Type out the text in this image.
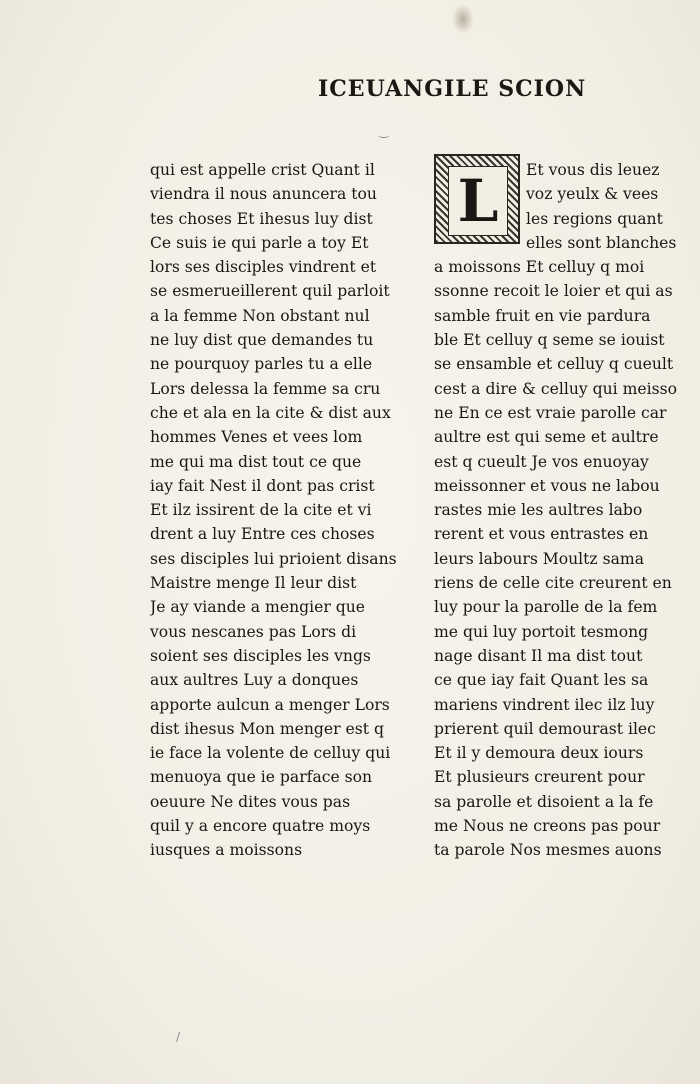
ICEUANGILE SCION
L
qui est appelle crist Quant il
viendra il nous anuncera tou
tes choses Et ihesus luy dist
Ce suis ie qui parle a toy Et
lors ses disciples vindrent et
se esmerueillerent quil parloit
a la femme Non obstant nul
ne luy dist que demandes tu
ne pourquoy parles tu a elle
Lors delessa la femme sa cru
che et ala en la cite & dist aux
hommes Venes et vees lom
me qui ma dist tout ce que
iay fait Nest il dont pas crist
Et ilz issirent de la cite et vi
drent a luy Entre ces choses
ses disciples lui prioient disans
Maistre menge Il leur dist
Je ay viande a mengier que
vous nescanes pas Lors di
soient ses disciples les vngs
aux aultres Luy a donques
apporte aulcun a menger Lors
dist ihesus Mon menger est q
ie face la volente de celluy qui
menuoya que ie parface son
oeuure Ne dites vous pas
quil y a encore quatre moys
iusques a moissons
Et vous dis leuez
voz yeulx & vees
les regions quant
elles sont blanches
a moissons Et celluy q moi
ssonne recoit le loier et qui as
samble fruit en vie pardura
ble Et celluy q seme se iouist
se ensamble et celluy q cueult
cest a dire & celluy qui meisso
ne En ce est vraie parolle car
aultre est qui seme et aultre
est q cueult Je vos enuoyay
meissonner et vous ne labou
rastes mie les aultres labo
rerent et vous entrastes en
leurs labours Moultz sama
riens de celle cite creurent en
luy pour la parolle de la fem
me qui luy portoit tesmong
nage disant Il ma dist tout
ce que iay fait Quant les sa
mariens vindrent ilec ilz luy
prierent quil demourast ilec
Et il y demoura deux iours
Et plusieurs creurent pour
sa parolle et disoient a la fe
me Nous ne creons pas pour
ta parole Nos mesmes auons
‿
/
